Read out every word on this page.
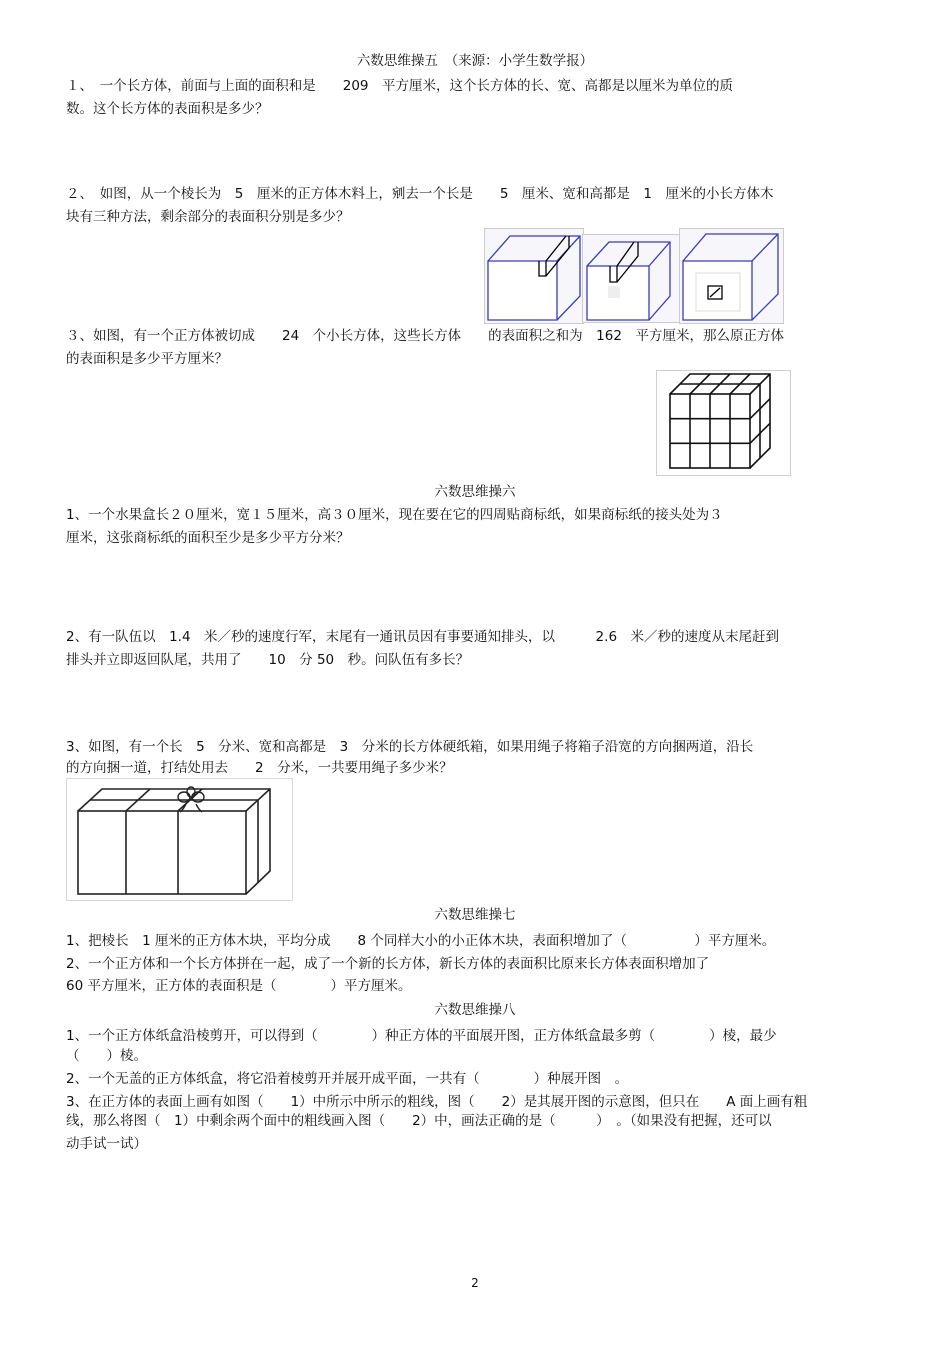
六数思维操五　（来源：小学生数学报）
１、　一个长方体，前面与上面的面积和是　　209　平方厘米，这个长方体的长、宽、高都是以厘米为单位的质
数。这个长方体的表面积是多少？
２、　如图，从一个棱长为　5　厘米的正方体木料上，剜去一个长是　　5　厘米、宽和高都是　1　厘米的小长方体木
块有三种方法，剩余部分的表面积分别是多少？
３、如图，有一个正方体被切成　　24　个小长方体，这些长方体　　的表面积之和为　162　平方厘米，那么原正方体
的表面积是多少平方厘米？
六数思维操六
1、一个水果盒长２０厘米，宽１５厘米，高３０厘米，现在要在它的四周贴商标纸，如果商标纸的接头处为３
厘米，这张商标纸的面积至少是多少平方分米？
2、有一队伍以　1.4　米／秒的速度行军，末尾有一通讯员因有事要通知排头，以　　　2.6　米／秒的速度从末尾赶到
排头并立即返回队尾，共用了　　10　分 50　秒。问队伍有多长？
3、如图，有一个长　5　分米、宽和高都是　3　分米的长方体硬纸箱，如果用绳子将箱子沿宽的方向捆两道，沿长
的方向捆一道，打结处用去　　2　分米，一共要用绳子多少米？
六数思维操七
1、把棱长　1 厘米的正方体木块，平均分成　　8 个同样大小的小正体木块，表面积增加了（　　　　　）平方厘米。
2、一个正方体和一个长方体拼在一起，成了一个新的长方体，新长方体的表面积比原来长方体表面积增加了
60 平方厘米，正方体的表面积是（　　　　）平方厘米。
六数思维操八
1、一个正方体纸盒沿棱剪开，可以得到（　　　　）种正方体的平面展开图，正方体纸盒最多剪（　　　　）棱，最少
（　　）棱。
2、一个无盖的正方体纸盒，将它沿着棱剪开并展开成平面，一共有（　　　　）种展开图　。
3、在正方体的表面上画有如图（　　1）中所示中所示的粗线，图（　　2）是其展开图的示意图，但只在　　A 面上画有粗
线，那么将图（　1）中剩余两个面中的粗线画入图（　　2）中，画法正确的是（　　　）　。（如果没有把握，还可以
动手试一试）
2
